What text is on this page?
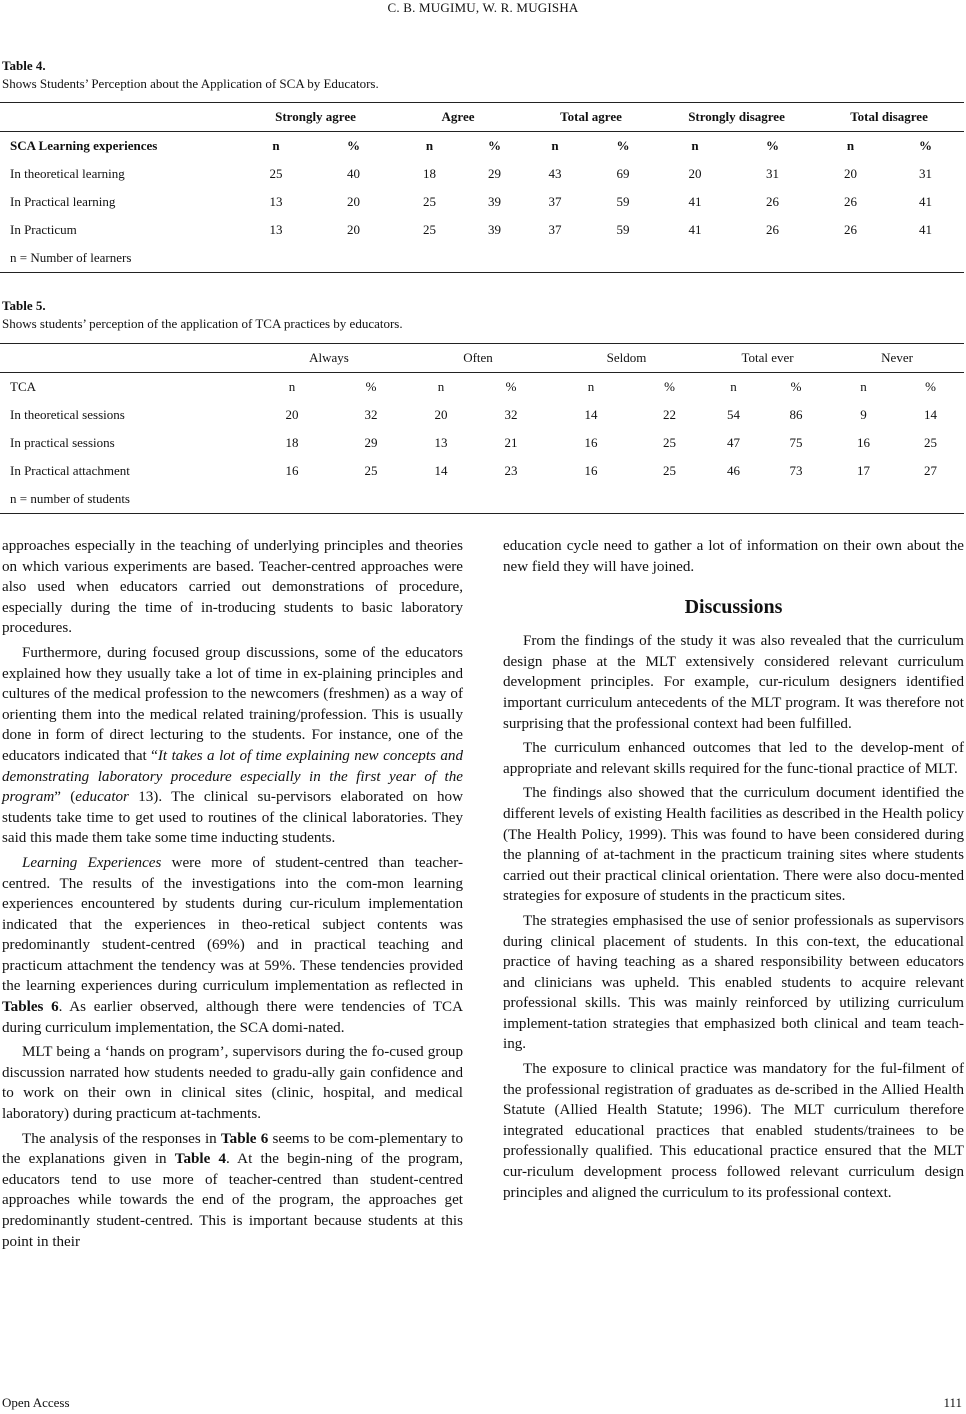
C. B. MUGIMU, W. R. MUGISHA
Table 4.
Shows Students’ Perception about the Application of SCA by Educators.
	Strongly agree		Agree		Total agree		Strongly disagree		Total disagree	
SCA Learning experiences	n	%	n	%	n	%	n	%	n	%
In theoretical learning	25	40	18	29	43	69	20	31	20	31
In Practical learning	13	20	25	39	37	59	41	26	26	41
In Practicum	13	20	25	39	37	59	41	26	26	41
n = Number of learners										
Table 5.
Shows students’ perception of the application of TCA practices by educators.
	Always		Often		Seldom		Total ever		Never	
TCA	n	%	n	%	n	%	n	%	n	%
In theoretical sessions	20	32	20	32	14	22	54	86	9	14
In practical sessions	18	29	13	21	16	25	47	75	16	25
In Practical attachment	16	25	14	23	16	25	46	73	17	27
n = number of students										

approaches especially in the teaching of underlying principles and theories on which various experiments are based. Teacher-centred approaches were also used when educators carried out demonstrations of procedure, especially during the time of in-troducing students to basic laboratory procedures.

Furthermore, during focused group discussions, some of the educators explained how they usually take a lot of time in ex-plaining principles and cultures of the medical profession to the newcomers (freshmen) as a way of orienting them into the medical related training/profession. This is usually done in form of direct lecturing to the students. For instance, one of the educators indicated that “It takes a lot of time explaining new concepts and demonstrating laboratory procedure especially in the first year of the program” (educator 13). The clinical su-pervisors elaborated on how students take time to get used to routines of the clinical laboratories. They said this made them take some time inducting students.

Learning Experiences were more of student-centred than teacher-centred. The results of the investigations into the com-mon learning experiences encountered by students during cur-riculum implementation indicated that the experiences in theo-retical subject contents was predominantly student-centred (69%) and in practical teaching and practicum attachment the tendency was at 59%. These tendencies provided the learning experiences during curriculum implementation as reflected in Tables 6. As earlier observed, although there were tendencies of TCA during curriculum implementation, the SCA domi-nated.

MLT being a ‘hands on program’, supervisors during the fo-cused group discussion narrated how students needed to gradu-ally gain confidence and to work on their own in clinical sites (clinic, hospital, and medical laboratory) during practicum at-tachments.

The analysis of the responses in Table 6 seems to be com-plementary to the explanations given in Table 4. At the begin-ning of the program, educators tend to use more of teacher-centred than student-centred approaches while towards the end of the program, the approaches get predominantly student-centred. This is important because students at this point in their

education cycle need to gather a lot of information on their own about the new field they will have joined.

Discussions

From the findings of the study it was also revealed that the curriculum design phase at the MLT extensively considered relevant curriculum development principles. For example, cur-riculum designers identified important curriculum antecedents of the MLT program. It was therefore not surprising that the professional context had been fulfilled.

The curriculum enhanced outcomes that led to the develop-ment of appropriate and relevant skills required for the func-tional practice of MLT.

The findings also showed that the curriculum document identified the different levels of existing Health facilities as described in the Health policy (The Health Policy, 1999). This was found to have been considered during the planning of at-tachment in the practicum training sites where students carried out their practical clinical orientation. There were also docu-mented strategies for exposure of students in the practicum sites.

The strategies emphasised the use of senior professionals as supervisors during clinical placement of students. In this con-text, the educational practice of having teaching as a shared responsibility between educators and clinicians was upheld. This enabled students to acquire relevant professional skills. This was mainly reinforced by utilizing curriculum implement-tation strategies that emphasized both clinical and team teach-ing.

The exposure to clinical practice was mandatory for the ful-filment of the professional registration of graduates as de-scribed in the Allied Health Statute (Allied Health Statute; 1996). The MLT curriculum therefore integrated educational practices that enabled students/trainees to be professionally qualified. This educational practice ensured that the MLT cur-riculum development process followed relevant curriculum design principles and aligned the curriculum to its professional context.

Open Access	111
